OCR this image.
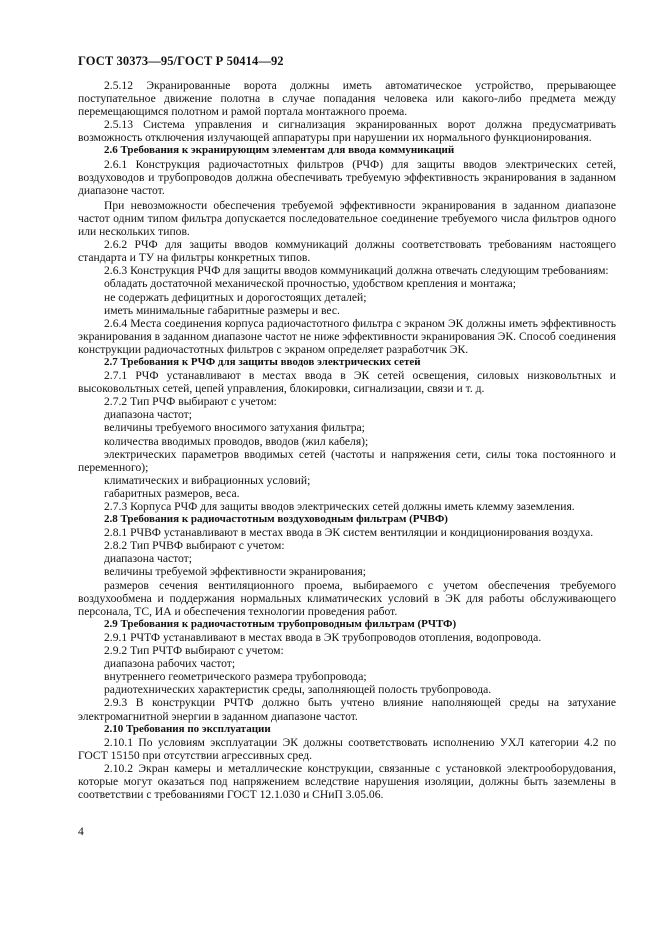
ГОСТ 30373—95/ГОСТ Р 50414—92

2.5.12 Экранированные ворота должны иметь автоматическое устройство, прерывающее поступательное движение полотна в случае попадания человека или какого-либо предмета между перемещающимся полотном и рамой портала монтажного проема.

2.5.13 Система управления и сигнализация экранированных ворот должна предусматривать возможность отключения излучающей аппаратуры при нарушении их нормального функционирования.

2.6 Требования к экранирующим элементам для ввода коммуникаций

2.6.1 Конструкция радиочастотных фильтров (РЧФ) для защиты вводов электрических сетей, воздуховодов и трубопроводов должна обеспечивать требуемую эффективность экранирования в заданном диапазоне частот.

При невозможности обеспечения требуемой эффективности экранирования в заданном диапазоне частот одним типом фильтра допускается последовательное соединение требуемого числа фильтров одного или нескольких типов.

2.6.2 РЧФ для защиты вводов коммуникаций должны соответствовать требованиям настоящего стандарта и ТУ на фильтры конкретных типов.

2.6.3 Конструкция РЧФ для защиты вводов коммуникаций должна отвечать следующим требованиям:

обладать достаточной механической прочностью, удобством крепления и монтажа;

не содержать дефицитных и дорогостоящих деталей;

иметь минимальные габаритные размеры и вес.

2.6.4 Места соединения корпуса радиочастотного фильтра с экраном ЭК должны иметь эффективность экранирования в заданном диапазоне частот не ниже эффективности экранирования ЭК. Способ соединения конструкции радиочастотных фильтров с экраном определяет разработчик ЭК.

2.7 Требования к РЧФ для защиты вводов электрических сетей

2.7.1 РЧФ устанавливают в местах ввода в ЭК сетей освещения, силовых низковольтных и высоковольтных сетей, цепей управления, блокировки, сигнализации, связи и т. д.

2.7.2 Тип РЧФ выбирают с учетом:

диапазона частот;

величины требуемого вносимого затухания фильтра;

количества вводимых проводов, вводов (жил кабеля);

электрических параметров вводимых сетей (частоты и напряжения сети, силы тока постоянного и переменного);

климатических и вибрационных условий;

габаритных размеров, веса.

2.7.3 Корпуса РЧФ для защиты вводов электрических сетей должны иметь клемму заземления.

2.8 Требования к радиочастотным воздуховодным фильтрам (РЧВФ)

2.8.1 РЧВФ устанавливают в местах ввода в ЭК систем вентиляции и кондиционирования воздуха.

2.8.2 Тип РЧВФ выбирают с учетом:

диапазона частот;

величины требуемой эффективности экранирования;

размеров сечения вентиляционного проема, выбираемого с учетом обеспечения требуемого воздухообмена и поддержания нормальных климатических условий в ЭК для работы обслуживающего персонала, ТС, ИА и обеспечения технологии проведения работ.

2.9 Требования к радиочастотным трубопроводным фильтрам (РЧТФ)

2.9.1 РЧТФ устанавливают в местах ввода в ЭК трубопроводов отопления, водопровода.

2.9.2 Тип РЧТФ выбирают с учетом:

диапазона рабочих частот;

внутреннего геометрического размера трубопровода;

радиотехнических характеристик среды, заполняющей полость трубопровода.

2.9.3 В конструкции РЧТФ должно быть учтено влияние наполняющей среды на затухание электромагнитной энергии в заданном диапазоне частот.

2.10 Требования по эксплуатации

2.10.1 По условиям эксплуатации ЭК должны соответствовать исполнению УХЛ категории 4.2 по ГОСТ 15150 при отсутствии агрессивных сред.

2.10.2 Экран камеры и металлические конструкции, связанные с установкой электрооборудования, которые могут оказаться под напряжением вследствие нарушения изоляции, должны быть заземлены в соответствии с требованиями ГОСТ 12.1.030 и СНиП 3.05.06.

4
